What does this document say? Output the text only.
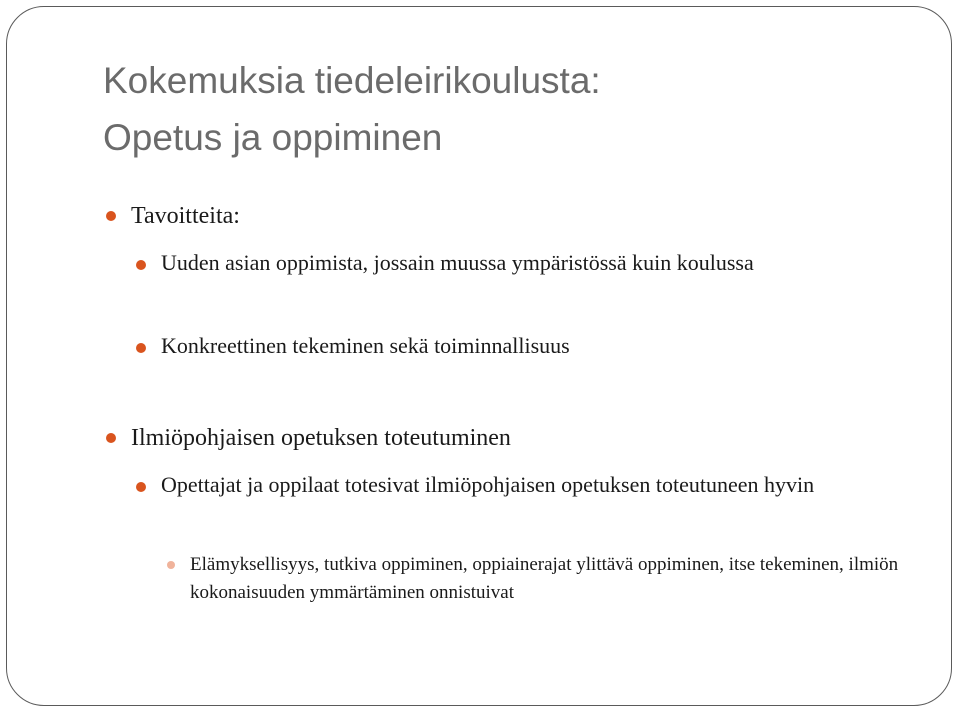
Kokemuksia tiedeleirikoulusta:
Opetus ja oppiminen

Tavoitteita:

Uuden asian oppimista, jossain muussa ympäristössä kuin koulussa

Konkreettinen tekeminen sekä toiminnallisuus

Ilmiöpohjaisen opetuksen toteutuminen

Opettajat ja oppilaat totesivat ilmiöpohjaisen opetuksen toteutuneen hyvin

Elämyksellisyys, tutkiva oppiminen, oppiainerajat ylittävä oppiminen, itse tekeminen, ilmiön kokonaisuuden ymmärtäminen onnistuivat
